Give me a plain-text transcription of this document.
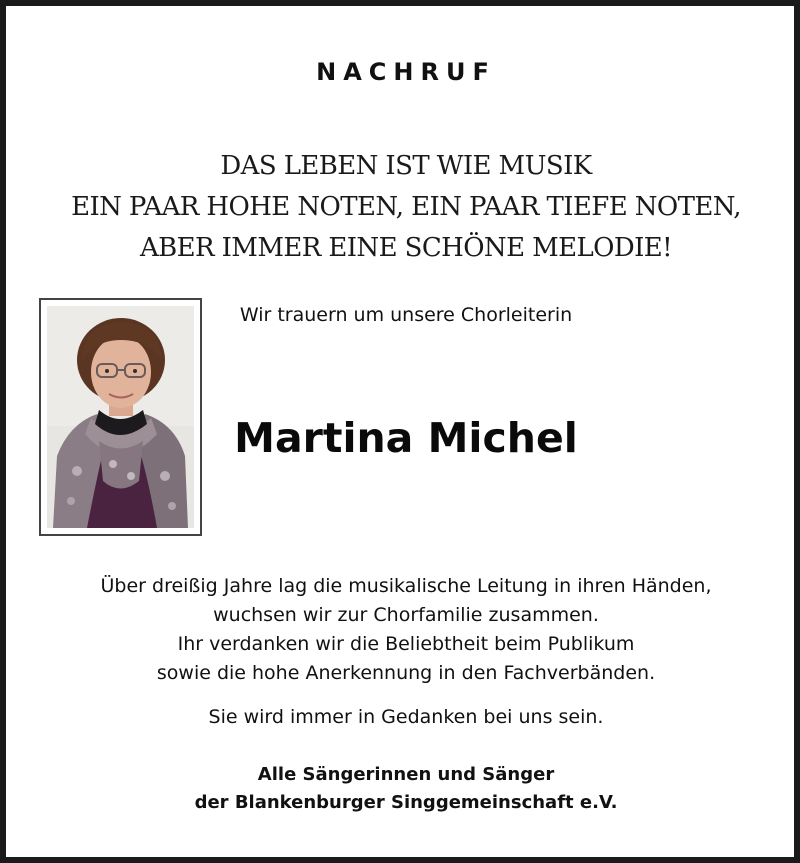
NACHRUF
DAS LEBEN IST WIE MUSIK
EIN PAAR HOHE NOTEN, EIN PAAR TIEFE NOTEN,
ABER IMMER EINE SCHÖNE MELODIE!
Wir trauern um unsere Chorleiterin
Martina Michel
Über dreißig Jahre lag die musikalische Leitung in ihren Händen,
wuchsen wir zur Chorfamilie zusammen.
Ihr verdanken wir die Beliebtheit beim Publikum
sowie die hohe Anerkennung in den Fachverbänden.
Sie wird immer in Gedanken bei uns sein.
Alle Sängerinnen und Sänger
der Blankenburger Singgemeinschaft e.V.
